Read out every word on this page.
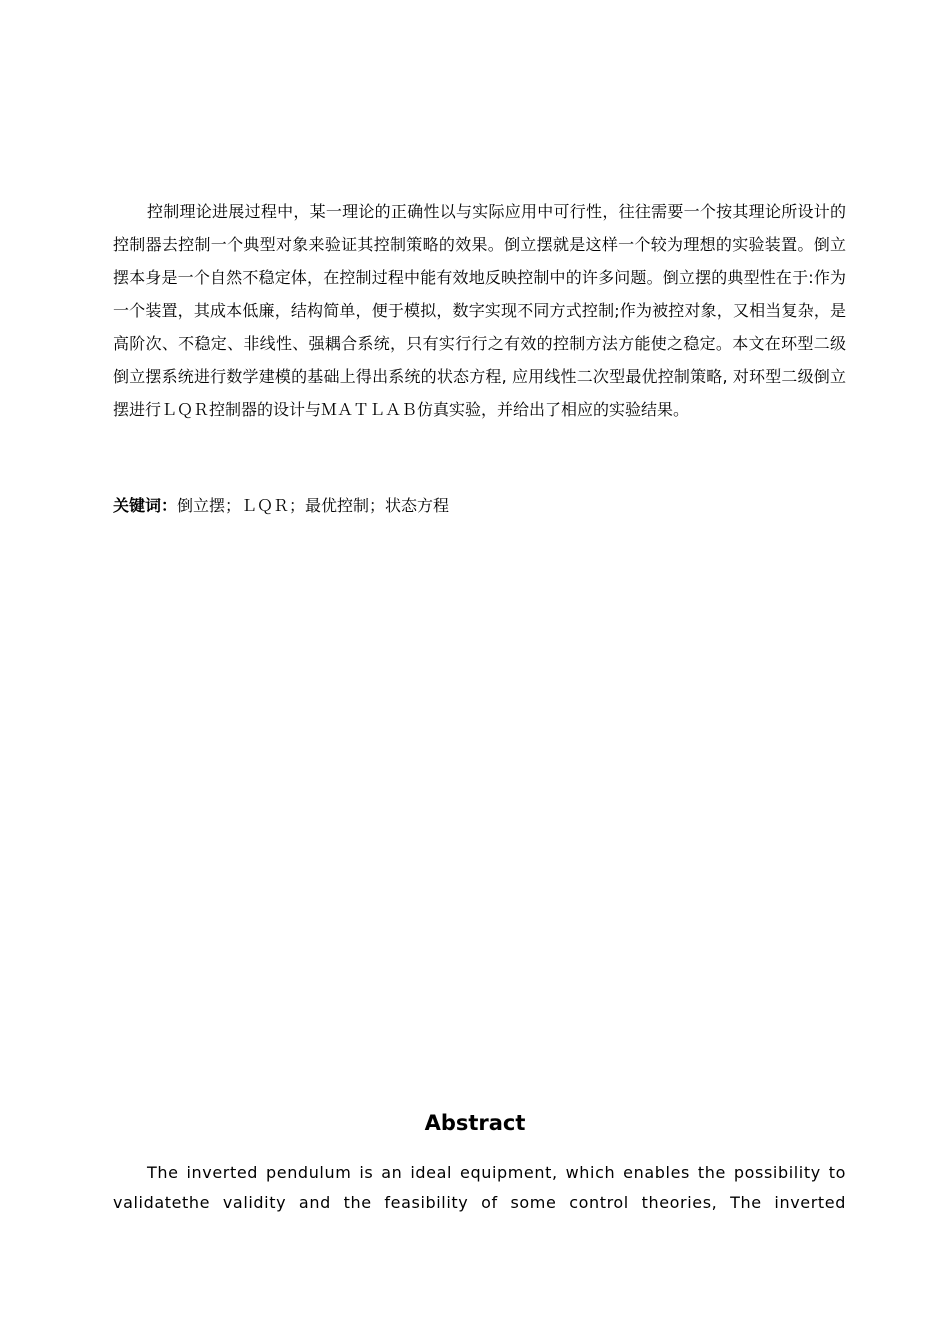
控制理论进展过程中，某一理论的正确性以与实际应用中可行性，往往需要一个按其理论所设计的控制器去控制一个典型对象来验证其控制策略的效果。倒立摆就是这样一个较为理想的实验装置。倒立摆本身是一个自然不稳定体，在控制过程中能有效地反映控制中的许多问题。倒立摆的典型性在于:作为一个装置，其成本低廉，结构简单，便于模拟，数字实现不同方式控制;作为被控对象，又相当复杂，是高阶次、不稳定、非线性、强耦合系统，只有实行行之有效的控制方法方能使之稳定。本文在环型二级倒立摆系统进行数学建模的基础上得出系统的状态方程, 应用线性二次型最优控制策略, 对环型二级倒立摆进行ＬＱＲ控制器的设计与ＭＡＴＬＡＢ仿真实验，并给出了相应的实验结果。

关键词：倒立摆；ＬＱＲ；最优控制；状态方程

Abstract

The inverted pendulum is an ideal equipment, which enables the possibility to validatethe validity and the feasibility of some control theories, The inverted
